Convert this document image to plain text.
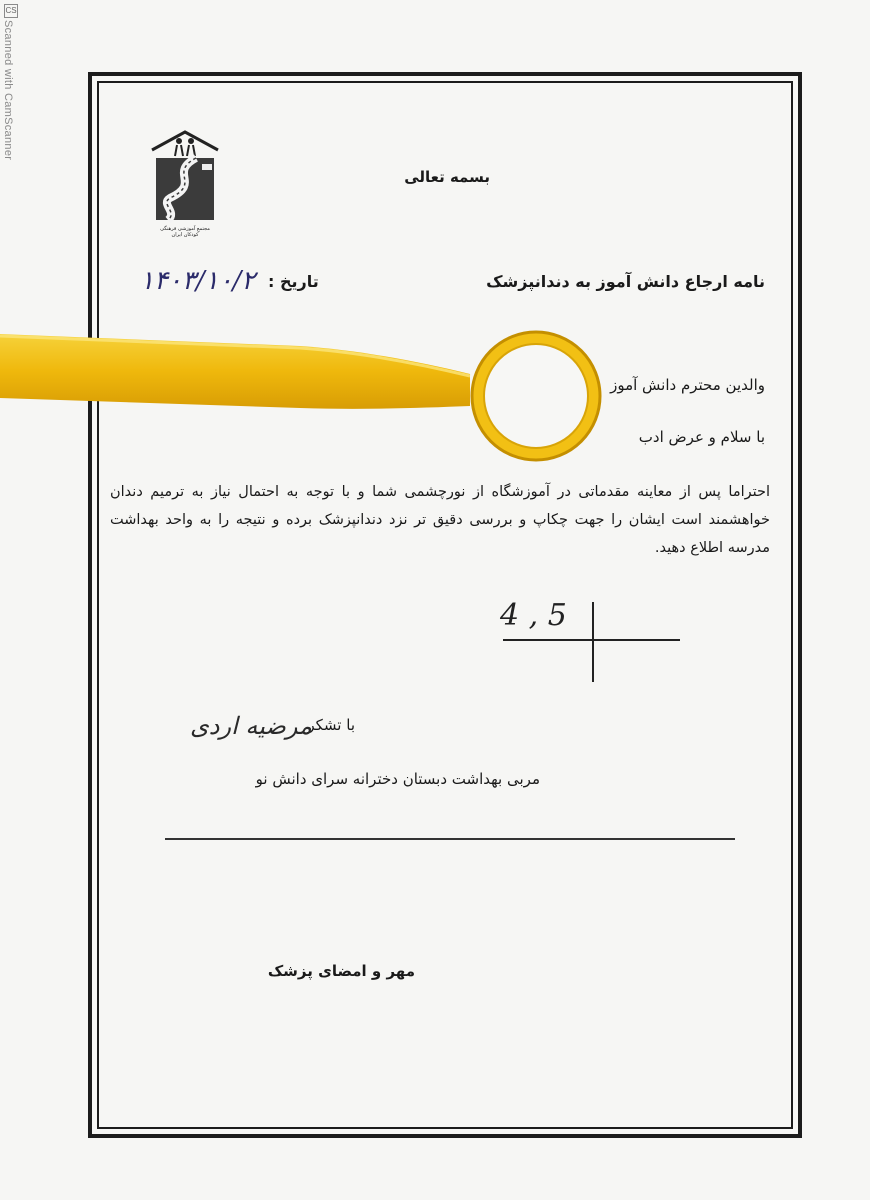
CS
Scanned with CamScanner
مجتمع آموزشی فرهنگی کودکان ایران
بسمه تعالی
نامه ارجاع دانش آموز به دندانپزشک
تاریخ :
۱۴۰۳/۱۰/۲
والدین محترم دانش آموز
با سلام و عرض ادب
احتراما پس از معاینه مقدماتی در آموزشگاه از نورچشمی شما و با توجه به احتمال نیاز به ترمیم دندان خواهشمند است ایشان را جهت چکاپ و بررسی دقیق تر نزد دندانپزشک برده و نتیجه را به واحد بهداشت مدرسه اطلاع دهید.
4 , 5
با تشکر
مرضیه اردی
مربی بهداشت دبستان دخترانه سرای دانش نو
مهر و امضای پزشک
